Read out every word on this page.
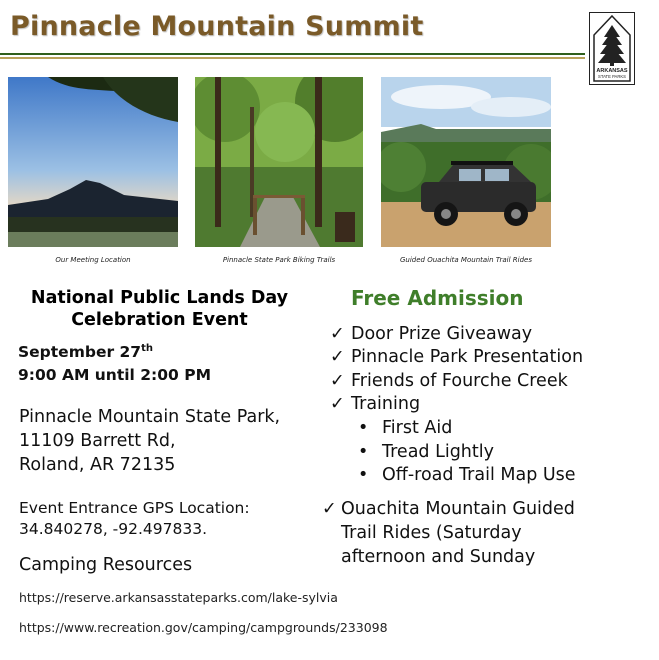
Pinnacle Mountain Summit
ARKANSAS
STATE PARKS
Our Meeting Location	Pinnacle State Park Biking Trails	Guided Ouachita Mountain Trail Rides
National Public Lands Day
Celebration Event
September 27th
9:00 AM until 2:00 PM
Pinnacle Mountain State Park,
11109 Barrett Rd,
Roland, AR 72135
Event Entrance GPS Location:
34.840278, -92.497833.
Camping Resources
https://reserve.arkansasstateparks.com/lake-sylvia
https://www.recreation.gov/camping/campgrounds/233098
Free Admission
✓ Door Prize Giveaway
✓ Pinnacle Park Presentation
✓ Friends of Fourche Creek
✓ Training
• First Aid
• Tread Lightly
• Off-road Trail Map Use
✓ Ouachita Mountain Guided
Trail Rides (Saturday
afternoon and Sunday
